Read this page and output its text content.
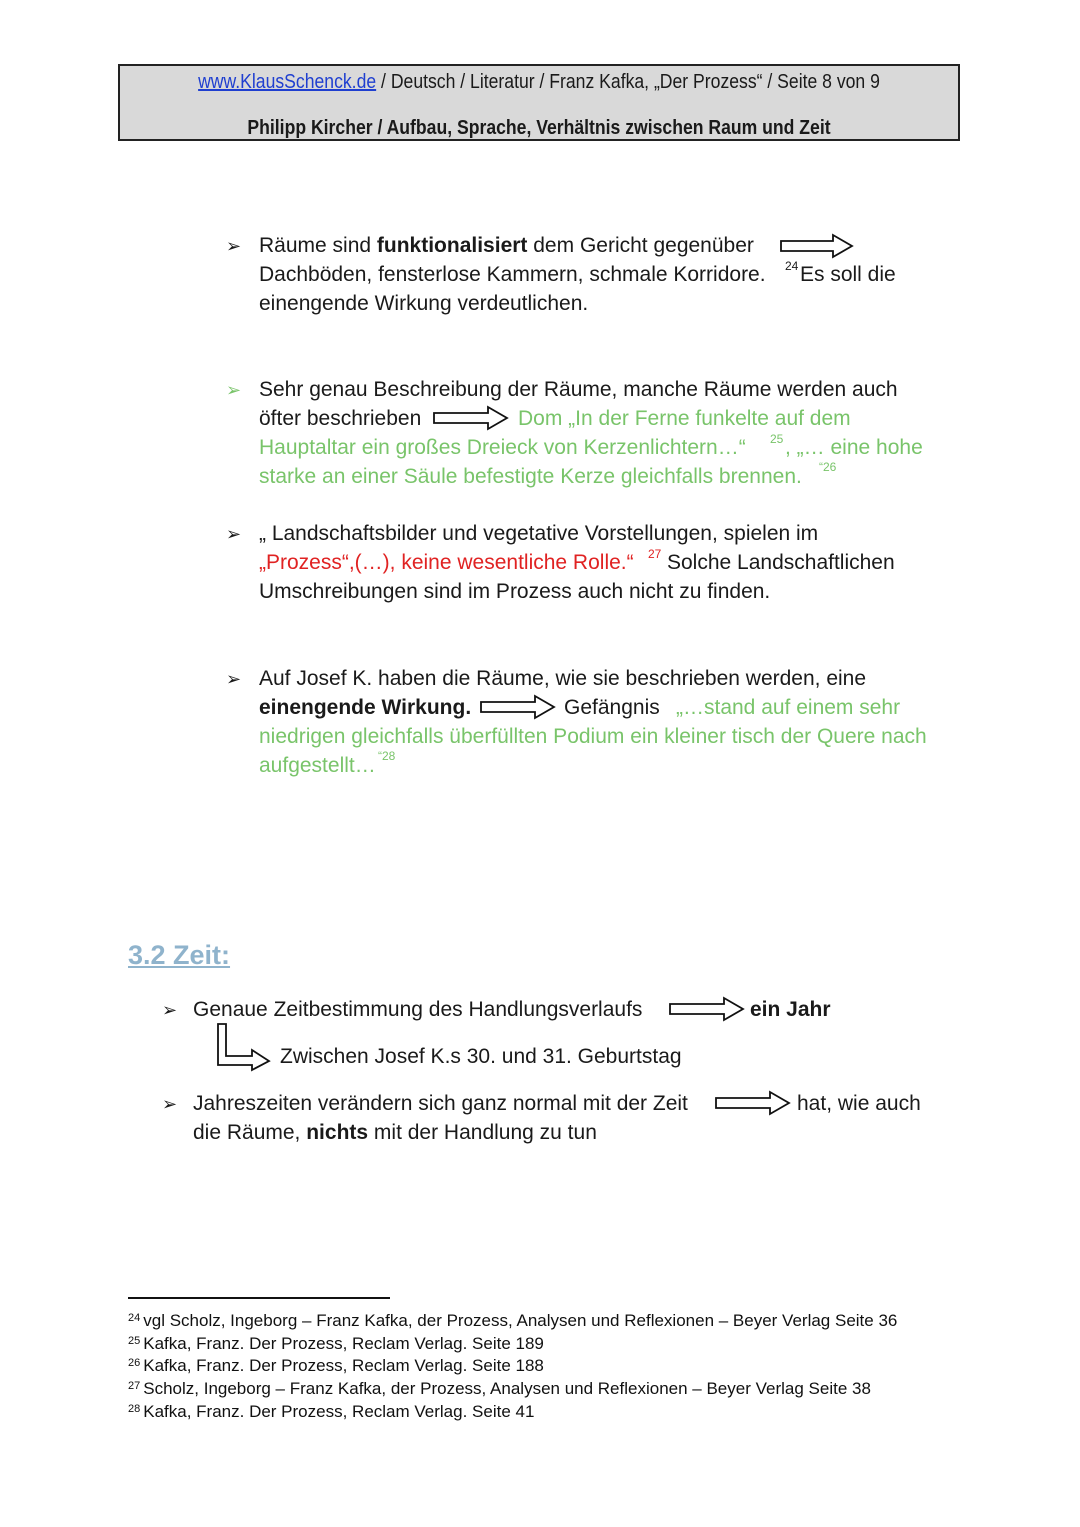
www.KlausSchenck.de / Deutsch / Literatur / Franz Kafka, „Der Prozess“ / Seite 8 von 9
Philipp Kircher / Aufbau, Sprache, Verhältnis zwischen Raum und Zeit
➢ Räume sind funktionalisiert dem Gericht gegenüber
Dachböden, fensterlose Kammern, schmale Korridore. 24 Es soll die
einengende Wirkung verdeutlichen.
➢ Sehr genau Beschreibung der Räume, manche Räume werden auch
öfter beschrieben	Dom „In der Ferne funkelte auf dem
Hauptaltar ein großes Dreieck von Kerzenlichtern…“ 25 , „… eine hohe
starke an einer Säule befestigte Kerze gleichfalls brennen. “26
➢ „ Landschaftsbilder und vegetative Vorstellungen, spielen im
„Prozess“,(…), keine wesentliche Rolle.“ 27 Solche Landschaftlichen
Umschreibungen sind im Prozess auch nicht zu finden.
➢ Auf Josef K. haben die Räume, wie sie beschrieben werden, eine
einengende Wirkung.	Gefängnis „…stand auf einem sehr
niedrigen gleichfalls überfüllten Podium ein kleiner tisch der Quere nach
aufgestellt… “28
3.2 Zeit:
➢ Genaue Zeitbestimmung des Handlungsverlaufs	ein Jahr
Zwischen Josef K.s 30. und 31. Geburtstag
➢ Jahreszeiten verändern sich ganz normal mit der Zeit	hat, wie auch
die Räume, nichts mit der Handlung zu tun
$^{24}$ vgl Scholz, Ingeborg – Franz Kafka, der Prozess, Analysen und Reflexionen – Beyer Verlag Seite 36
$^{25}$ Kafka, Franz. Der Prozess, Reclam Verlag. Seite 189
$^{26}$ Kafka, Franz. Der Prozess, Reclam Verlag. Seite 188
$^{27}$ Scholz, Ingeborg – Franz Kafka, der Prozess, Analysen und Reflexionen – Beyer Verlag Seite 38
$^{28}$ Kafka, Franz. Der Prozess, Reclam Verlag. Seite 41
